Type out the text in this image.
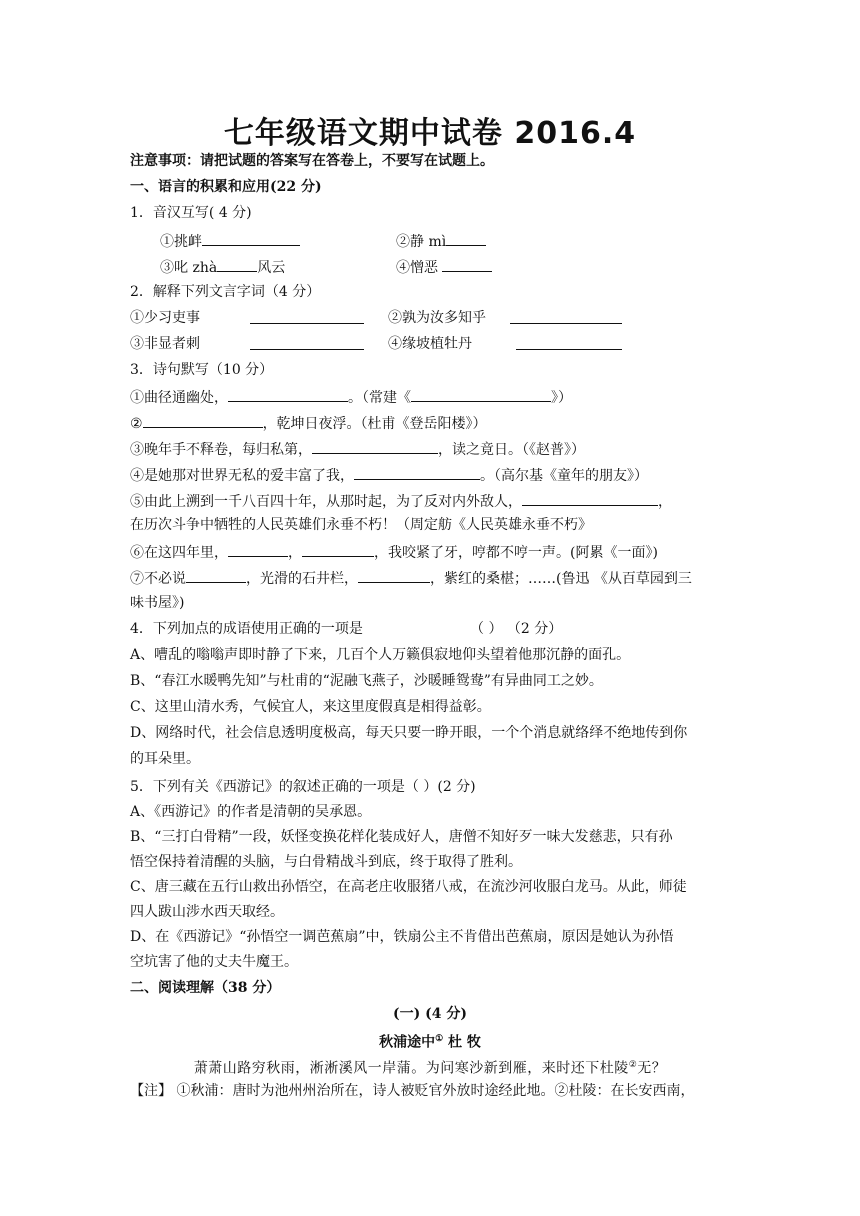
七年级语文期中试卷 2016.4
注意事项：请把试题的答案写在答卷上，不要写在试题上。
一、语言的积累和应用(22 分)
1．音汉互写( 4 分)
①挑衅	②静 mì
③叱 zhà	风云	④憎恶
2．解释下列文言字词（4 分）
①少习吏事	②孰为汝多知乎
③非显者刺	④缘坡植牡丹
3．诗句默写（10 分）
①曲径通幽处，	。（常建《	》）
②	，乾坤日夜浮。（杜甫《登岳阳楼》）
③晚年手不释卷，每归私第，	，读之竟日。（《赵普》）
④是她那对世界无私的爱丰富了我，	。（高尔基《童年的朋友》）
⑤由此上溯到一千八百四十年，从那时起，为了反对内外敌人，	，
在历次斗争中牺牲的人民英雄们永垂不朽！（周定舫《人民英雄永垂不朽》
⑥在这四年里，	，	，我咬紧了牙，哼都不哼一声。(阿累《一面》)
⑦不必说	，光滑的石井栏，	，紫红的桑椹；……(鲁迅 《从百草园到三
味书屋》)
4．下列加点的成语使用正确的一项是	（ ） （2 分）
A、嘈乱的嗡嗡声即时静了下来，几百个人万籁俱寂地仰头望着他那沉静的面孔。
B、“春江水暖鸭先知”与杜甫的“泥融飞燕子，沙暖睡鸳鸯”有异曲同工之妙。
C、这里山清水秀，气候宜人，来这里度假真是相得益彰。
D、网络时代，社会信息透明度极高，每天只要一睁开眼，一个个消息就络绎不绝地传到你
的耳朵里。
5．下列有关《西游记》的叙述正确的一项是（ ）(2 分)
A、《西游记》的作者是清朝的吴承恩。
B、“三打白骨精”一段，妖怪变换花样化装成好人，唐僧不知好歹一味大发慈悲，只有孙
悟空保持着清醒的头脑，与白骨精战斗到底，终于取得了胜利。
C、唐三藏在五行山救出孙悟空，在高老庄收服猪八戒，在流沙河收服白龙马。从此，师徒
四人跋山涉水西天取经。
D、在《西游记》“孙悟空一调芭蕉扇”中，铁扇公主不肯借出芭蕉扇，原因是她认为孙悟
空坑害了他的丈夫牛魔王。
二、阅读理解（38 分）
(一) (4 分)
秋浦途中① 杜 牧
萧萧山路穷秋雨，淅淅溪风一岸蒲。为问寒沙新到雁，来时还下杜陵②无？
【注】 ①秋浦：唐时为池州州治所在，诗人被贬官外放时途经此地。②杜陵：在长安西南，
